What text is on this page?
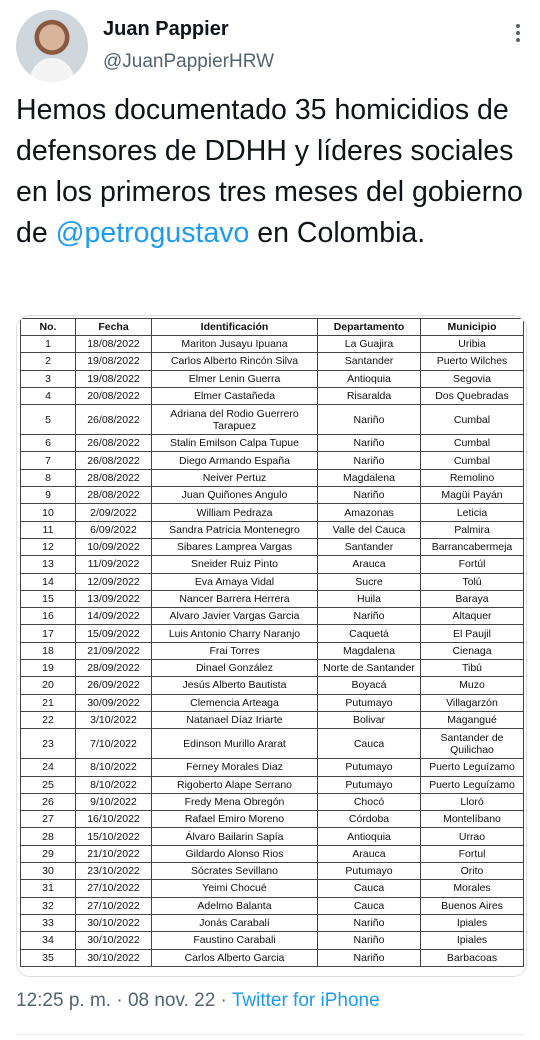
Juan Pappier
@JuanPappierHRW
Hemos documentado 35 homicidios de defensores de DDHH y líderes sociales en los primeros tres meses del gobierno de @petrogustavo en Colombia.
No.	Fecha	Identificación	Departamento	Municipio
1	18/08/2022	Mariton Jusayu Ipuana	La Guajira	Uribia
2	19/08/2022	Carlos Alberto Rincón Silva	Santander	Puerto Wilches
3	19/08/2022	Elmer Lenin Guerra	Antioquia	Segovia
4	20/08/2022	Elmer Castañeda	Risaralda	Dos Quebradas
5	26/08/2022	Adriana del Rodio Guerrero Tarapuez	Nariño	Cumbal
6	26/08/2022	Stalin Emilson Calpa Tupue	Nariño	Cumbal
7	26/08/2022	Diego Armando España	Nariño	Cumbal
8	28/08/2022	Neiver Pertuz	Magdalena	Remolino
9	28/08/2022	Juan Quiñones Angulo	Nariño	Magüi Payán
10	2/09/2022	William Pedraza	Amazonas	Leticia
11	6/09/2022	Sandra Patricia Montenegro	Valle del Cauca	Palmira
12	10/09/2022	Sibares Lamprea Vargas	Santander	Barrancabermeja
13	11/09/2022	Sneider Ruiz Pinto	Arauca	Fortúl
14	12/09/2022	Eva Amaya Vidal	Sucre	Tolú
15	13/09/2022	Nancer Barrera Herrera	Huila	Baraya
16	14/09/2022	Alvaro Javier Vargas Garcia	Nariño	Altaquer
17	15/09/2022	Luis Antonio Charry Naranjo	Caquetá	El Paujil
18	21/09/2022	Frai Torres	Magdalena	Cienaga
19	28/09/2022	Dinael González	Norte de Santander	Tibú
20	26/09/2022	Jesús Alberto Bautista	Boyacá	Muzo
21	30/09/2022	Clemencia Arteaga	Putumayo	Villagarzón
22	3/10/2022	Natanael Díaz Iriarte	Bolivar	Magangué
23	7/10/2022	Edinson Murillo Ararat	Cauca	Santander de Quilichao
24	8/10/2022	Ferney Morales Diaz	Putumayo	Puerto Leguízamo
25	8/10/2022	Rigoberto Alape Serrano	Putumayo	Puerto Leguízamo
26	9/10/2022	Fredy Mena Obregón	Chocó	Lloró
27	16/10/2022	Rafael Emiro Moreno	Córdoba	Montelíbano
28	15/10/2022	Álvaro Bailarin Sapía	Antioquia	Urrao
29	21/10/2022	Gildardo Alonso Rios	Arauca	Fortul
30	23/10/2022	Sócrates Sevillano	Putumayo	Orito
31	27/10/2022	Yeimi Chocué	Cauca	Morales
32	27/10/2022	Adelmo Balanta	Cauca	Buenos Aires
33	30/10/2022	Jonás Carabalí	Nariño	Ipiales
34	30/10/2022	Faustino Carabali	Nariño	Ipiales
35	30/10/2022	Carlos Alberto Garcia	Nariño	Barbacoas
12:25 p. m. · 08 nov. 22 · Twitter for iPhone
